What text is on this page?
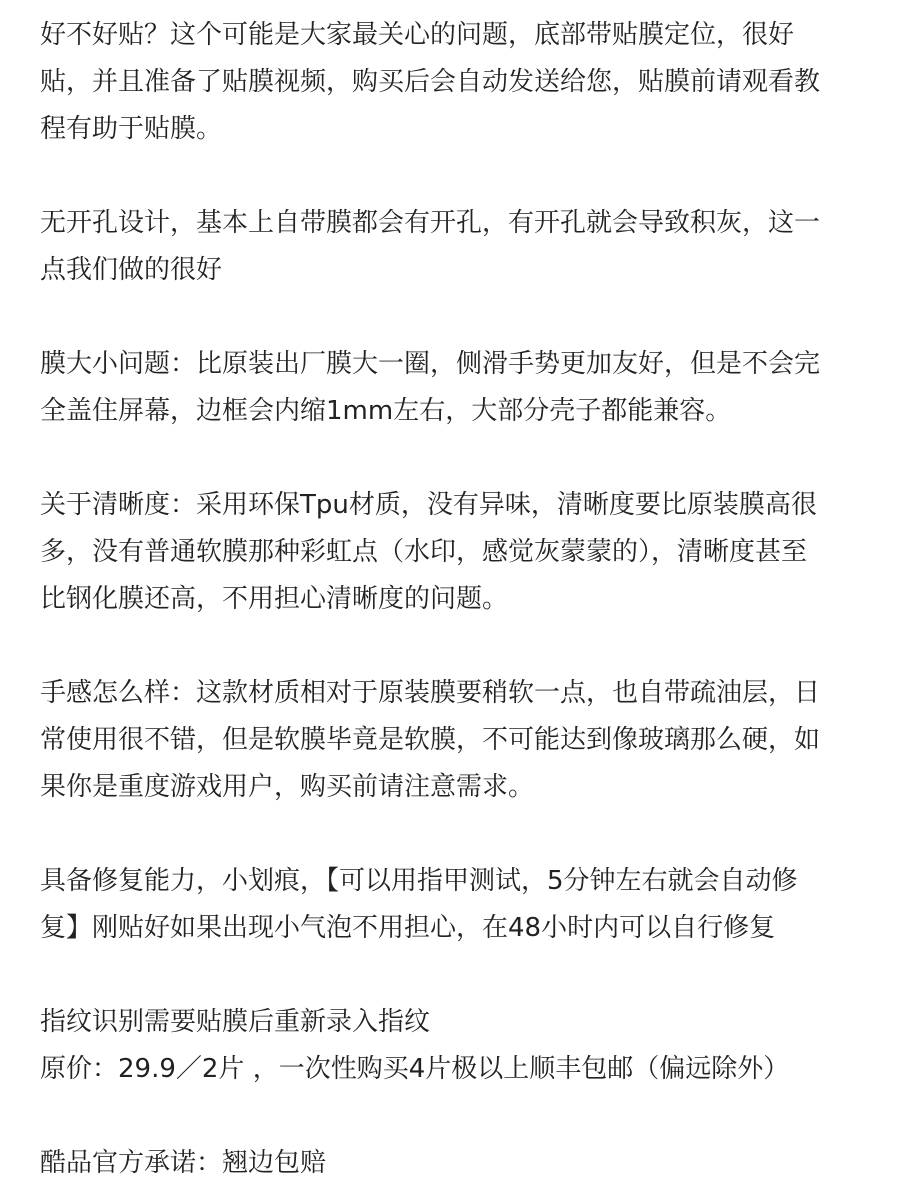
好不好贴？这个可能是大家最关心的问题，底部带贴膜定位，很好
贴，并且准备了贴膜视频，购买后会自动发送给您，贴膜前请观看教
程有助于贴膜。

无开孔设计，基本上自带膜都会有开孔，有开孔就会导致积灰，这一
点我们做的很好

膜大小问题：比原装出厂膜大一圈，侧滑手势更加友好，但是不会完
全盖住屏幕，边框会内缩1mm左右，大部分壳子都能兼容。

关于清晰度：采用环保Tpu材质，没有异味，清晰度要比原装膜高很
多，没有普通软膜那种彩虹点（水印，感觉灰蒙蒙的），清晰度甚至
比钢化膜还高，不用担心清晰度的问题。

手感怎么样：这款材质相对于原装膜要稍软一点，也自带疏油层，日
常使用很不错，但是软膜毕竟是软膜，不可能达到像玻璃那么硬，如
果你是重度游戏用户，购买前请注意需求。

具备修复能力，小划痕，【可以用指甲测试，5分钟左右就会自动修
复】刚贴好如果出现小气泡不用担心，在48小时内可以自行修复

指纹识别需要贴膜后重新录入指纹
原价：29.9／2片 ，一次性购买4片极以上顺丰包邮（偏远除外）

酷品官方承诺：翘边包赔
